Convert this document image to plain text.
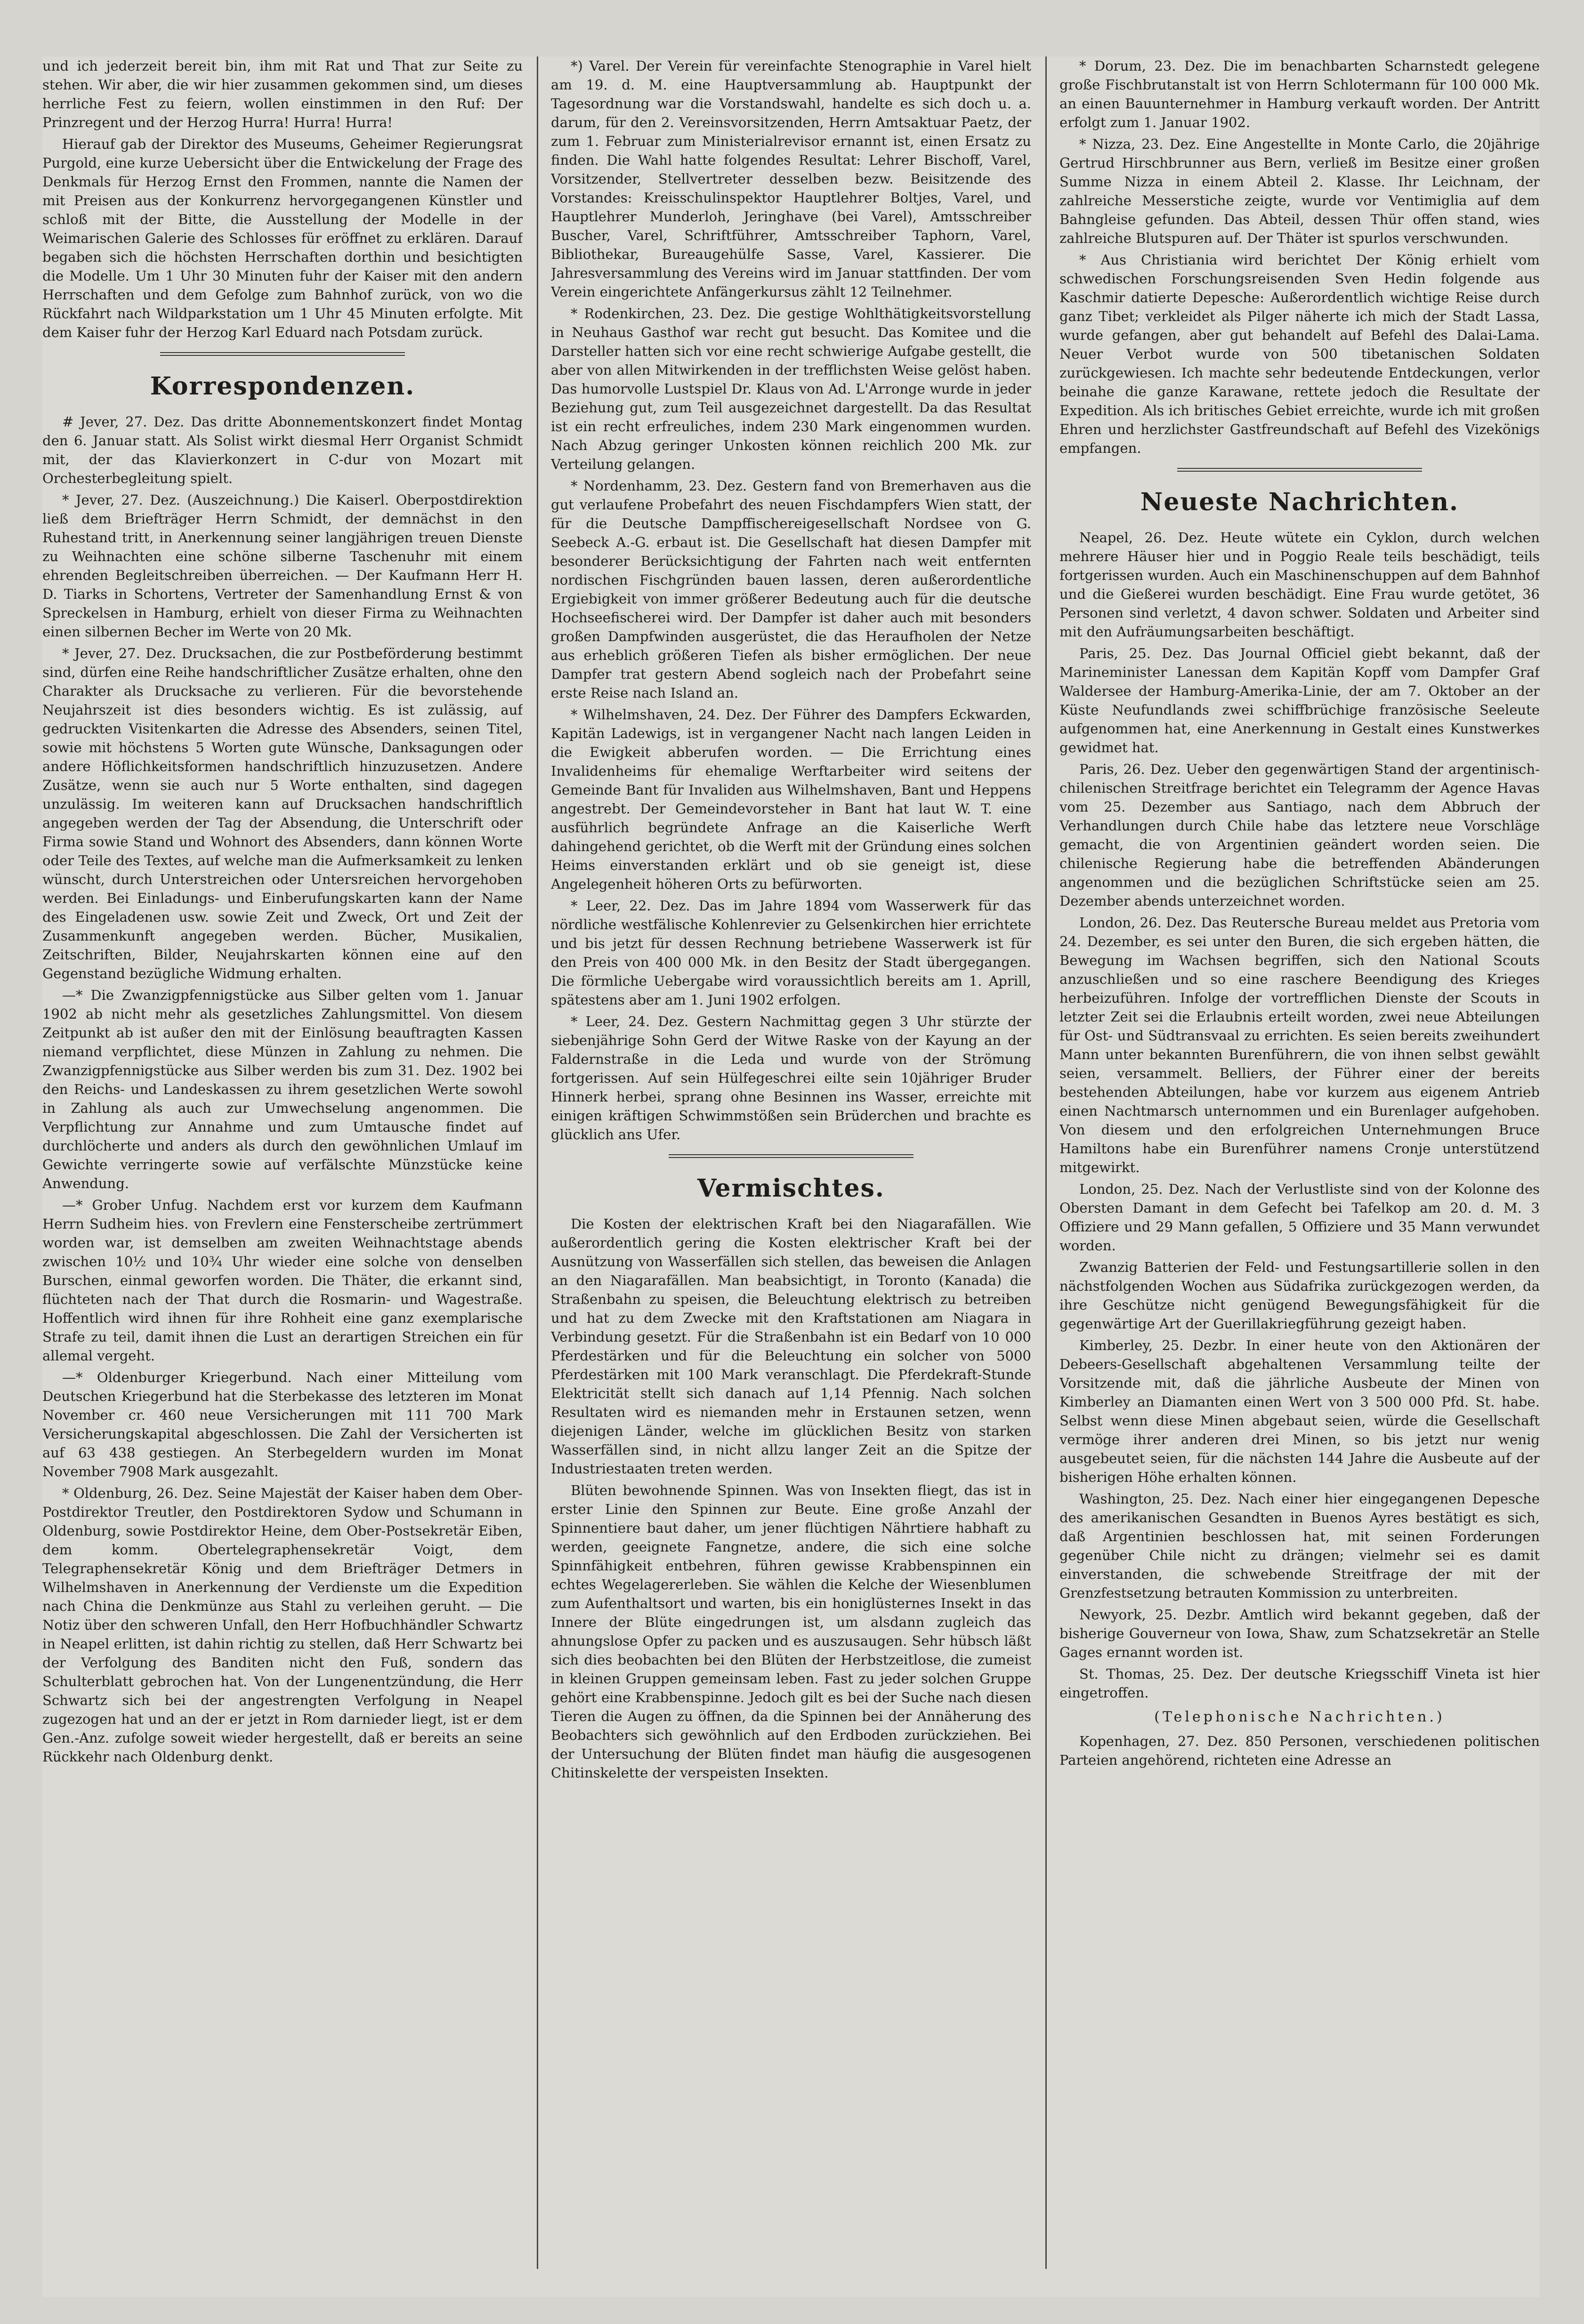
und ich jederzeit bereit bin, ihm mit Rat und That zur Seite zu stehen. Wir aber, die wir hier zusammen gekommen sind, um dieses herrliche Fest zu feiern, wollen einstimmen in den Ruf: Der Prinzregent und der Herzog Hurra! Hurra! Hurra!

Hierauf gab der Direktor des Museums, Geheimer Regierungsrat Purgold, eine kurze Uebersicht über die Entwickelung der Frage des Denkmals für Herzog Ernst den Frommen, nannte die Namen der mit Preisen aus der Konkurrenz hervorgegangenen Künstler und schloß mit der Bitte, die Ausstellung der Modelle in der Weimarischen Galerie des Schlosses für eröffnet zu erklären. Darauf begaben sich die höchsten Herrschaften dorthin und besichtigten die Modelle. Um 1 Uhr 30 Minuten fuhr der Kaiser mit den andern Herrschaften und dem Gefolge zum Bahnhof zurück, von wo die Rückfahrt nach Wildparkstation um 1 Uhr 45 Minuten erfolgte. Mit dem Kaiser fuhr der Herzog Karl Eduard nach Potsdam zurück.

Korrespondenzen.

# Jever, 27. Dez. Das dritte Abonnementskonzert findet Montag den 6. Januar statt. Als Solist wirkt diesmal Herr Organist Schmidt mit, der das Klavierkonzert in C-dur von Mozart mit Orchesterbegleitung spielt.

* Jever, 27. Dez. (Auszeichnung.) Die Kaiserl. Oberpostdirektion ließ dem Briefträger Herrn Schmidt, der demnächst in den Ruhestand tritt, in Anerkennung seiner langjährigen treuen Dienste zu Weihnachten eine schöne silberne Taschenuhr mit einem ehrenden Begleitschreiben überreichen. — Der Kaufmann Herr H. D. Tiarks in Schortens, Vertreter der Samenhandlung Ernst & von Spreckelsen in Hamburg, erhielt von dieser Firma zu Weihnachten einen silbernen Becher im Werte von 20 Mk.

* Jever, 27. Dez. Drucksachen, die zur Postbeförderung bestimmt sind, dürfen eine Reihe handschriftlicher Zusätze erhalten, ohne den Charakter als Drucksache zu verlieren. Für die bevorstehende Neujahrszeit ist dies besonders wichtig. Es ist zulässig, auf gedruckten Visitenkarten die Adresse des Absenders, seinen Titel, sowie mit höchstens 5 Worten gute Wünsche, Danksagungen oder andere Höflichkeitsformen handschriftlich hinzuzusetzen. Andere Zusätze, wenn sie auch nur 5 Worte enthalten, sind dagegen unzulässig. Im weiteren kann auf Drucksachen handschriftlich angegeben werden der Tag der Absendung, die Unterschrift oder Firma sowie Stand und Wohnort des Absenders, dann können Worte oder Teile des Textes, auf welche man die Aufmerksamkeit zu lenken wünscht, durch Unterstreichen oder Untersreichen hervorgehoben werden. Bei Einladungs- und Einberufungskarten kann der Name des Eingeladenen usw. sowie Zeit und Zweck, Ort und Zeit der Zusammenkunft angegeben werden. Bücher, Musikalien, Zeitschriften, Bilder, Neujahrskarten können eine auf den Gegenstand bezügliche Widmung erhalten.

—* Die Zwanzigpfennigstücke aus Silber gelten vom 1. Januar 1902 ab nicht mehr als gesetzliches Zahlungsmittel. Von diesem Zeitpunkt ab ist außer den mit der Einlösung beauftragten Kassen niemand verpflichtet, diese Münzen in Zahlung zu nehmen. Die Zwanzigpfennigstücke aus Silber werden bis zum 31. Dez. 1902 bei den Reichs- und Landeskassen zu ihrem gesetzlichen Werte sowohl in Zahlung als auch zur Umwechselung angenommen. Die Verpflichtung zur Annahme und zum Umtausche findet auf durchlöcherte und anders als durch den gewöhnlichen Umlauf im Gewichte verringerte sowie auf verfälschte Münzstücke keine Anwendung.

—* Grober Unfug. Nachdem erst vor kurzem dem Kaufmann Herrn Sudheim hies. von Frevlern eine Fensterscheibe zertrümmert worden war, ist demselben am zweiten Weihnachtstage abends zwischen 10½ und 10¾ Uhr wieder eine solche von denselben Burschen, einmal geworfen worden. Die Thäter, die erkannt sind, flüchteten nach der That durch die Rosmarin- und Wagestraße. Hoffentlich wird ihnen für ihre Rohheit eine ganz exemplarische Strafe zu teil, damit ihnen die Lust an derartigen Streichen ein für allemal vergeht.

—* Oldenburger Kriegerbund. Nach einer Mitteilung vom Deutschen Kriegerbund hat die Sterbekasse des letzteren im Monat November cr. 460 neue Versicherungen mit 111 700 Mark Versicherungskapital abgeschlossen. Die Zahl der Versicherten ist auf 63 438 gestiegen. An Sterbegeldern wurden im Monat November 7908 Mark ausgezahlt.

* Oldenburg, 26. Dez. Seine Majestät der Kaiser haben dem Ober-Postdirektor Treutler, den Postdirektoren Sydow und Schumann in Oldenburg, sowie Postdirektor Heine, dem Ober-Postsekretär Eiben, dem komm. Obertelegraphensekretär Voigt, dem Telegraphensekretär König und dem Briefträger Detmers in Wilhelmshaven in Anerkennung der Verdienste um die Expedition nach China die Denkmünze aus Stahl zu verleihen geruht. — Die Notiz über den schweren Unfall, den Herr Hofbuchhändler Schwartz in Neapel erlitten, ist dahin richtig zu stellen, daß Herr Schwartz bei der Verfolgung des Banditen nicht den Fuß, sondern das Schulterblatt gebrochen hat. Von der Lungenentzündung, die Herr Schwartz sich bei der angestrengten Verfolgung in Neapel zugezogen hat und an der er jetzt in Rom darnieder liegt, ist er dem Gen.-Anz. zufolge soweit wieder hergestellt, daß er bereits an seine Rückkehr nach Oldenburg denkt.

*) Varel. Der Verein für vereinfachte Stenographie in Varel hielt am 19. d. M. eine Hauptversammlung ab. Hauptpunkt der Tagesordnung war die Vorstandswahl, handelte es sich doch u. a. darum, für den 2. Vereinsvorsitzenden, Herrn Amtsaktuar Paetz, der zum 1. Februar zum Ministerialrevisor ernannt ist, einen Ersatz zu finden. Die Wahl hatte folgendes Resultat: Lehrer Bischoff, Varel, Vorsitzender, Stellvertreter desselben bezw. Beisitzende des Vorstandes: Kreisschulinspektor Hauptlehrer Boltjes, Varel, und Hauptlehrer Munderloh, Jeringhave (bei Varel), Amtsschreiber Buscher, Varel, Schriftführer, Amtsschreiber Taphorn, Varel, Bibliothekar, Bureaugehülfe Sasse, Varel, Kassierer. Die Jahresversammlung des Vereins wird im Januar stattfinden. Der vom Verein eingerichtete Anfängerkursus zählt 12 Teilnehmer.

* Rodenkirchen, 23. Dez. Die gestige Wohlthätigkeitsvorstellung in Neuhaus Gasthof war recht gut besucht. Das Komitee und die Darsteller hatten sich vor eine recht schwierige Aufgabe gestellt, die aber von allen Mitwirkenden in der trefflichsten Weise gelöst haben. Das humorvolle Lustspiel Dr. Klaus von Ad. L'Arronge wurde in jeder Beziehung gut, zum Teil ausgezeichnet dargestellt. Da das Resultat ist ein recht erfreuliches, indem 230 Mark eingenommen wurden. Nach Abzug geringer Unkosten können reichlich 200 Mk. zur Verteilung gelangen.

* Nordenhamm, 23. Dez. Gestern fand von Bremerhaven aus die gut verlaufene Probefahrt des neuen Fischdampfers Wien statt, der für die Deutsche Dampffischereigesellschaft Nordsee von G. Seebeck A.-G. erbaut ist. Die Gesellschaft hat diesen Dampfer mit besonderer Berücksichtigung der Fahrten nach weit entfernten nordischen Fischgründen bauen lassen, deren außerordentliche Ergiebigkeit von immer größerer Bedeutung auch für die deutsche Hochseefischerei wird. Der Dampfer ist daher auch mit besonders großen Dampfwinden ausgerüstet, die das Heraufholen der Netze aus erheblich größeren Tiefen als bisher ermöglichen. Der neue Dampfer trat gestern Abend sogleich nach der Probefahrt seine erste Reise nach Island an.

* Wilhelmshaven, 24. Dez. Der Führer des Dampfers Eckwarden, Kapitän Ladewigs, ist in vergangener Nacht nach langen Leiden in die Ewigkeit abberufen worden. — Die Errichtung eines Invalidenheims für ehemalige Werftarbeiter wird seitens der Gemeinde Bant für Invaliden aus Wilhelmshaven, Bant und Heppens angestrebt. Der Gemeindevorsteher in Bant hat laut W. T. eine ausführlich begründete Anfrage an die Kaiserliche Werft dahingehend gerichtet, ob die Werft mit der Gründung eines solchen Heims einverstanden erklärt und ob sie geneigt ist, diese Angelegenheit höheren Orts zu befürworten.

* Leer, 22. Dez. Das im Jahre 1894 vom Wasserwerk für das nördliche westfälische Kohlenrevier zu Gelsenkirchen hier errichtete und bis jetzt für dessen Rechnung betriebene Wasserwerk ist für den Preis von 400 000 Mk. in den Besitz der Stadt übergegangen. Die förmliche Uebergabe wird voraussichtlich bereits am 1. Aprill, spätestens aber am 1. Juni 1902 erfolgen.

* Leer, 24. Dez. Gestern Nachmittag gegen 3 Uhr stürzte der siebenjährige Sohn Gerd der Witwe Raske von der Kayung an der Faldernstraße in die Leda und wurde von der Strömung fortgerissen. Auf sein Hülfegeschrei eilte sein 10jähriger Bruder Hinnerk herbei, sprang ohne Besinnen ins Wasser, erreichte mit einigen kräftigen Schwimmstößen sein Brüderchen und brachte es glücklich ans Ufer.

Vermischtes.

Die Kosten der elektrischen Kraft bei den Niagarafällen. Wie außerordentlich gering die Kosten elektrischer Kraft bei der Ausnützung von Wasserfällen sich stellen, das beweisen die Anlagen an den Niagarafällen. Man beabsichtigt, in Toronto (Kanada) die Straßenbahn zu speisen, die Beleuchtung elektrisch zu betreiben und hat zu dem Zwecke mit den Kraftstationen am Niagara in Verbindung gesetzt. Für die Straßenbahn ist ein Bedarf von 10 000 Pferdestärken und für die Beleuchtung ein solcher von 5000 Pferdestärken mit 100 Mark veranschlagt. Die Pferdekraft-Stunde Elektricität stellt sich danach auf 1,14 Pfennig. Nach solchen Resultaten wird es niemanden mehr in Erstaunen setzen, wenn diejenigen Länder, welche im glücklichen Besitz von starken Wasserfällen sind, in nicht allzu langer Zeit an die Spitze der Industriestaaten treten werden.

Blüten bewohnende Spinnen. Was von Insekten fliegt, das ist in erster Linie den Spinnen zur Beute. Eine große Anzahl der Spinnentiere baut daher, um jener flüchtigen Nährtiere habhaft zu werden, geeignete Fangnetze, andere, die sich eine solche Spinnfähigkeit entbehren, führen gewisse Krabbenspinnen ein echtes Wegelagererleben. Sie wählen die Kelche der Wiesenblumen zum Aufenthaltsort und warten, bis ein honiglüsternes Insekt in das Innere der Blüte eingedrungen ist, um alsdann zugleich das ahnungslose Opfer zu packen und es auszusaugen. Sehr hübsch läßt sich dies beobachten bei den Blüten der Herbstzeitlose, die zumeist in kleinen Gruppen gemeinsam leben. Fast zu jeder solchen Gruppe gehört eine Krabbenspinne. Jedoch gilt es bei der Suche nach diesen Tieren die Augen zu öffnen, da die Spinnen bei der Annäherung des Beobachters sich gewöhnlich auf den Erdboden zurückziehen. Bei der Untersuchung der Blüten findet man häufig die ausgesogenen Chitinskelette der verspeisten Insekten.

* Dorum, 23. Dez. Die im benachbarten Scharnstedt gelegene große Fischbrutanstalt ist von Herrn Schlotermann für 100 000 Mk. an einen Bauunternehmer in Hamburg verkauft worden. Der Antritt erfolgt zum 1. Januar 1902.

* Nizza, 23. Dez. Eine Angestellte in Monte Carlo, die 20jährige Gertrud Hirschbrunner aus Bern, verließ im Besitze einer großen Summe Nizza in einem Abteil 2. Klasse. Ihr Leichnam, der zahlreiche Messerstiche zeigte, wurde vor Ventimiglia auf dem Bahngleise gefunden. Das Abteil, dessen Thür offen stand, wies zahlreiche Blutspuren auf. Der Thäter ist spurlos verschwunden.

* Aus Christiania wird berichtet Der König erhielt vom schwedischen Forschungsreisenden Sven Hedin folgende aus Kaschmir datierte Depesche: Außerordentlich wichtige Reise durch ganz Tibet; verkleidet als Pilger näherte ich mich der Stadt Lassa, wurde gefangen, aber gut behandelt auf Befehl des Dalai-Lama. Neuer Verbot wurde von 500 tibetanischen Soldaten zurückgewiesen. Ich machte sehr bedeutende Entdeckungen, verlor beinahe die ganze Karawane, rettete jedoch die Resultate der Expedition. Als ich britisches Gebiet erreichte, wurde ich mit großen Ehren und herzlichster Gastfreundschaft auf Befehl des Vizekönigs empfangen.

Neueste Nachrichten.

Neapel, 26. Dez. Heute wütete ein Cyklon, durch welchen mehrere Häuser hier und in Poggio Reale teils beschädigt, teils fortgerissen wurden. Auch ein Maschinenschuppen auf dem Bahnhof und die Gießerei wurden beschädigt. Eine Frau wurde getötet, 36 Personen sind verletzt, 4 davon schwer. Soldaten und Arbeiter sind mit den Aufräumungsarbeiten beschäftigt.

Paris, 25. Dez. Das Journal Officiel giebt bekannt, daß der Marineminister Lanessan dem Kapitän Kopff vom Dampfer Graf Waldersee der Hamburg-Amerika-Linie, der am 7. Oktober an der Küste Neufundlands zwei schiffbrüchige französische Seeleute aufgenommen hat, eine Anerkennung in Gestalt eines Kunstwerkes gewidmet hat.

Paris, 26. Dez. Ueber den gegenwärtigen Stand der argentinisch-chilenischen Streitfrage berichtet ein Telegramm der Agence Havas vom 25. Dezember aus Santiago, nach dem Abbruch der Verhandlungen durch Chile habe das letztere neue Vorschläge gemacht, die von Argentinien geändert worden seien. Die chilenische Regierung habe die betreffenden Abänderungen angenommen und die bezüglichen Schriftstücke seien am 25. Dezember abends unterzeichnet worden.

London, 26. Dez. Das Reutersche Bureau meldet aus Pretoria vom 24. Dezember, es sei unter den Buren, die sich ergeben hätten, die Bewegung im Wachsen begriffen, sich den National Scouts anzuschließen und so eine raschere Beendigung des Krieges herbeizuführen. Infolge der vortrefflichen Dienste der Scouts in letzter Zeit sei die Erlaubnis erteilt worden, zwei neue Abteilungen für Ost- und Südtransvaal zu errichten. Es seien bereits zweihundert Mann unter bekannten Burenführern, die von ihnen selbst gewählt seien, versammelt. Belliers, der Führer einer der bereits bestehenden Abteilungen, habe vor kurzem aus eigenem Antrieb einen Nachtmarsch unternommen und ein Burenlager aufgehoben. Von diesem und den erfolgreichen Unternehmungen Bruce Hamiltons habe ein Burenführer namens Cronje unterstützend mitgewirkt.

London, 25. Dez. Nach der Verlustliste sind von der Kolonne des Obersten Damant in dem Gefecht bei Tafelkop am 20. d. M. 3 Offiziere und 29 Mann gefallen, 5 Offiziere und 35 Mann verwundet worden.

Zwanzig Batterien der Feld- und Festungsartillerie sollen in den nächstfolgenden Wochen aus Südafrika zurückgezogen werden, da ihre Geschütze nicht genügend Bewegungsfähigkeit für die gegenwärtige Art der Guerillakriegführung gezeigt haben.

Kimberley, 25. Dezbr. In einer heute von den Aktionären der Debeers-Gesellschaft abgehaltenen Versammlung teilte der Vorsitzende mit, daß die jährliche Ausbeute der Minen von Kimberley an Diamanten einen Wert von 3 500 000 Pfd. St. habe. Selbst wenn diese Minen abgebaut seien, würde die Gesellschaft vermöge ihrer anderen drei Minen, so bis jetzt nur wenig ausgebeutet seien, für die nächsten 144 Jahre die Ausbeute auf der bisherigen Höhe erhalten können.

Washington, 25. Dez. Nach einer hier eingegangenen Depesche des amerikanischen Gesandten in Buenos Ayres bestätigt es sich, daß Argentinien beschlossen hat, mit seinen Forderungen gegenüber Chile nicht zu drängen; vielmehr sei es damit einverstanden, die schwebende Streitfrage der mit der Grenzfestsetzung betrauten Kommission zu unterbreiten.

Newyork, 25. Dezbr. Amtlich wird bekannt gegeben, daß der bisherige Gouverneur von Iowa, Shaw, zum Schatzsekretär an Stelle Gages ernannt worden ist.

St. Thomas, 25. Dez. Der deutsche Kriegsschiff Vineta ist hier eingetroffen.

(Telephonische Nachrichten.)

Kopenhagen, 27. Dez. 850 Personen, verschiedenen politischen Parteien angehörend, richteten eine Adresse an
